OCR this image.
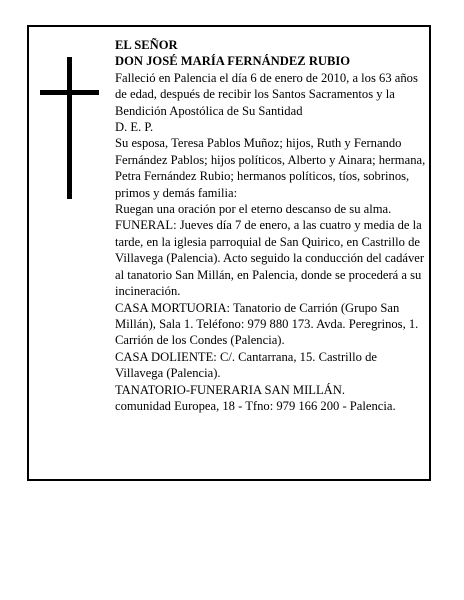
EL SEÑOR

DON JOSÉ MARÍA FERNÁNDEZ RUBIO

Falleció en Palencia el día 6 de enero de 2010, a los 63 años de edad, después de recibir los Santos Sacramentos y la Bendición Apostólica de Su Santidad

D. E. P.

Su esposa, Teresa Pablos Muñoz; hijos, Ruth y Fernando Fernández Pablos; hijos políticos, Alberto y Ainara; hermana, Petra Fernández Rubio; hermanos políticos, tíos, sobrinos, primos y demás familia:

Ruegan una oración por el eterno descanso de su alma.

FUNERAL: Jueves día 7 de enero, a las cuatro y media de la tarde, en la iglesia parroquial de San Quirico, en Castrillo de Villavega (Palencia). Acto seguido la conducción del cadáver al tanatorio San Millán, en Palencia, donde se procederá a su incineración.

CASA MORTUORIA: Tanatorio de Carrión (Grupo San Millán), Sala 1. Teléfono: 979 880 173. Avda. Peregrinos, 1. Carrión de los Condes (Palencia).

CASA DOLIENTE: C/. Cantarrana, 15. Castrillo de Villavega (Palencia).

TANATORIO-FUNERARIA SAN MILLÁN.

comunidad Europea, 18 - Tfno: 979 166 200 - Palencia.
